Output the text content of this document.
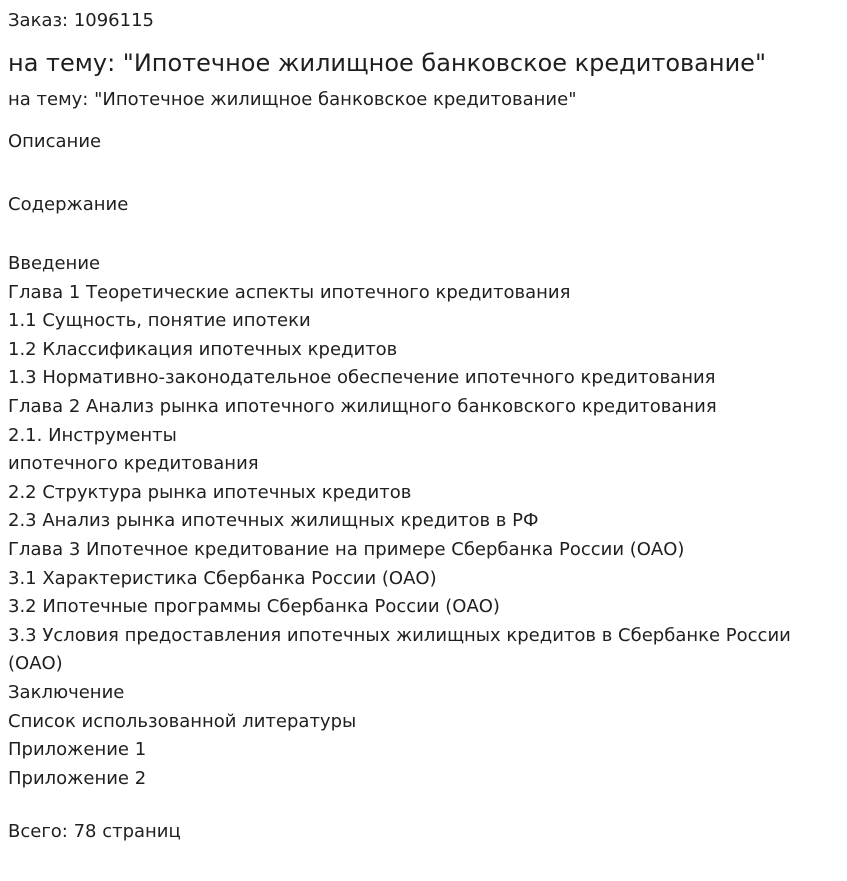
Заказ: 1096115
на тему: "Ипотечное жилищное банковское кредитование"
на тему: "Ипотечное жилищное банковское кредитование"
Описание
Содержание
Введение
Глава 1 Теоретические аспекты ипотечного кредитования
1.1 Сущность, понятие ипотеки
1.2 Классификация ипотечных кредитов
1.3 Нормативно-законодательное обеспечение ипотечного кредитования
Глава 2 Анализ рынка ипотечного жилищного банковского кредитования
2.1. Инструменты
ипотечного кредитования
2.2 Структура рынка ипотечных кредитов
2.3 Анализ рынка ипотечных жилищных кредитов в РФ
Глава 3 Ипотечное кредитование на примере Сбербанка России (ОАО)
3.1 Характеристика Сбербанка России (ОАО)
3.2 Ипотечные программы Сбербанка России (ОАО)
3.3 Условия предоставления ипотечных жилищных кредитов в Сбербанке России (ОАО)
Заключение
Список использованной литературы
Приложение 1
Приложение 2
Всего: 78 страниц
